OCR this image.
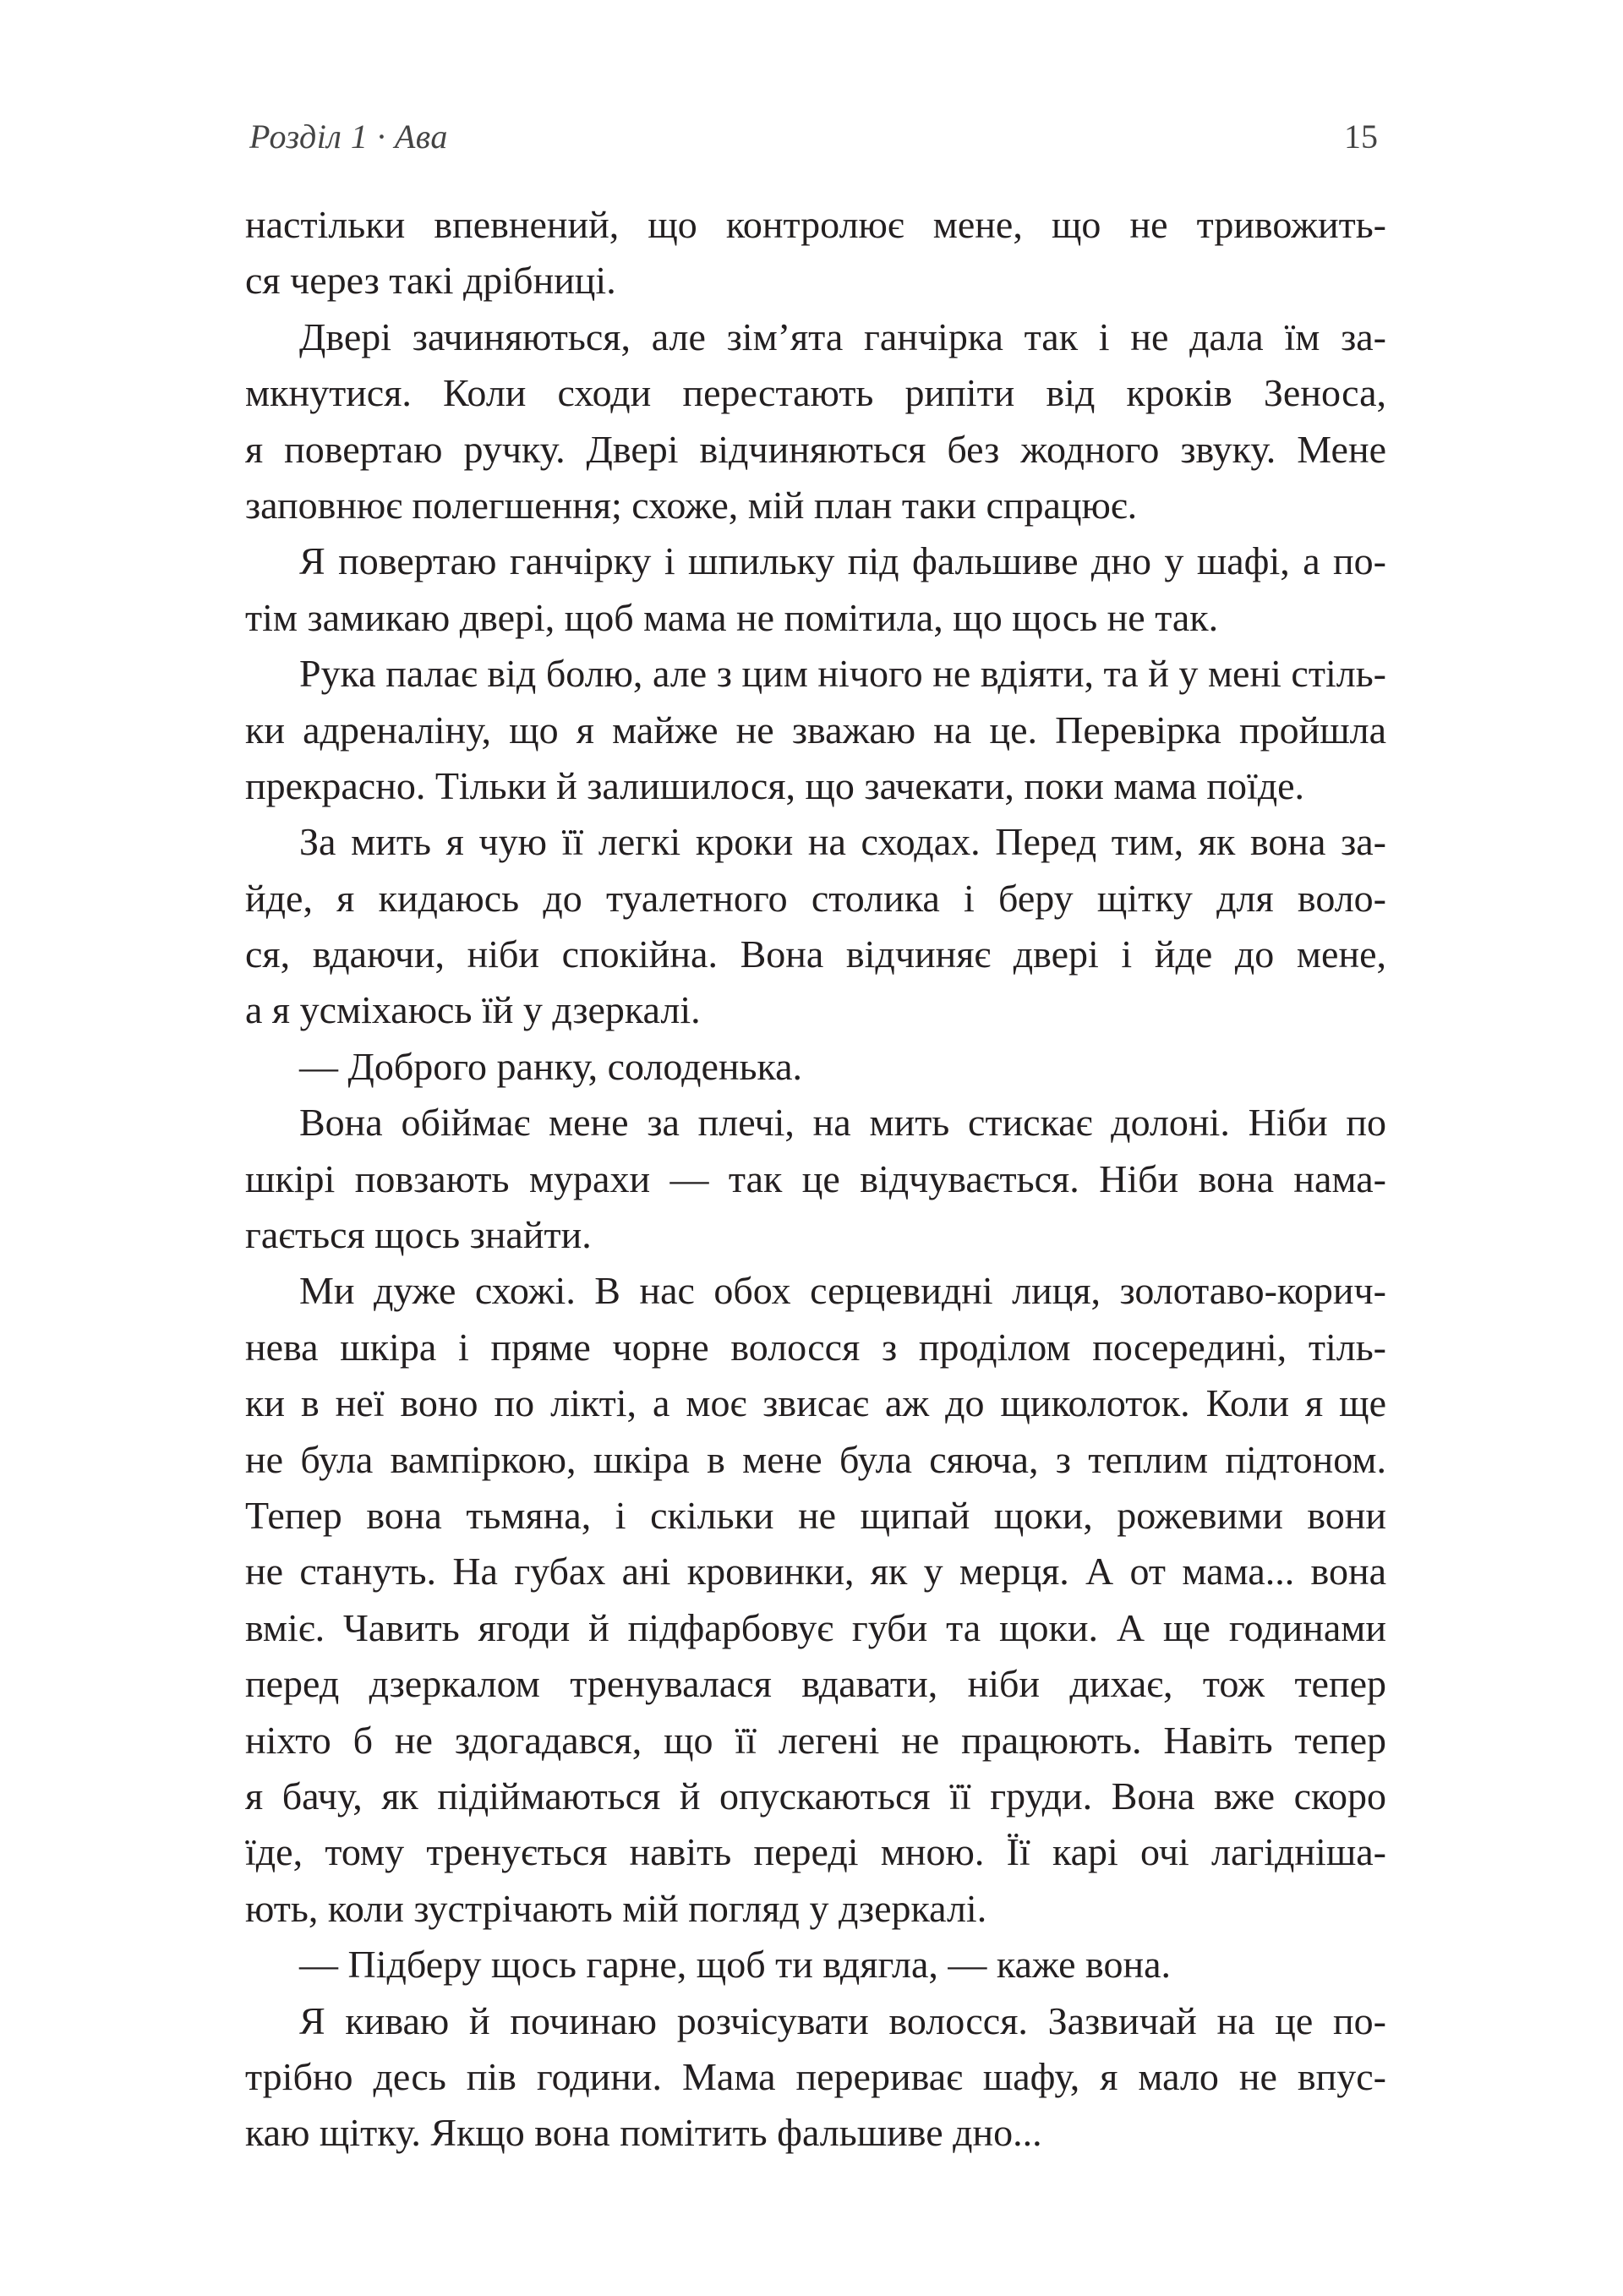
Розділ 1 · Ава	15
настільки впевнений, що контролює мене, що не тривожить-
ся через такі дрібниці.
Двері зачиняються, але зім’ята ганчірка так і не дала їм за-
мкнутися. Коли сходи перестають рипіти від кроків Зеноса,
я повертаю ручку. Двері відчиняються без жодного звуку. Мене
заповнює полегшення; схоже, мій план таки спрацює.
Я повертаю ганчірку і шпильку під фальшиве дно у шафі, а по-
тім замикаю двері, щоб мама не помітила, що щось не так.
Рука палає від болю, але з цим нічого не вдіяти, та й у мені стіль-
ки адреналіну, що я майже не зважаю на це. Перевірка пройшла
прекрасно. Тільки й залишилося, що зачекати, поки мама поїде.
За мить я чую її легкі кроки на сходах. Перед тим, як вона за-
йде, я кидаюсь до туалетного столика і беру щітку для воло-
ся, вдаючи, ніби спокійна. Вона відчиняє двері і йде до мене,
а я усміхаюсь їй у дзеркалі.
— Доброго ранку, солоденька.
Вона обіймає мене за плечі, на мить стискає долоні. Ніби по
шкірі повзають мурахи — так це відчувається. Ніби вона нама-
гається щось знайти.
Ми дуже схожі. В нас обох серцевидні лиця, золотаво-корич-
нева шкіра і пряме чорне волосся з проділом посередині, тіль-
ки в неї воно по лікті, а моє звисає аж до щиколоток. Коли я ще
не була вампіркою, шкіра в мене була сяюча, з теплим підтоном.
Тепер вона тьмяна, і скільки не щипай щоки, рожевими вони
не стануть. На губах ані кровинки, як у мерця. А от мама... вона
вміє. Чавить ягоди й підфарбовує губи та щоки. А ще годинами
перед дзеркалом тренувалася вдавати, ніби дихає, тож тепер
ніхто б не здогадався, що її легені не працюють. Навіть тепер
я бачу, як підіймаються й опускаються її груди. Вона вже скоро
їде, тому тренується навіть переді мною. Її карі очі лагіднішa-
ють, коли зустрічають мій погляд у дзеркалі.
— Підберу щось гарне, щоб ти вдягла, — каже вона.
Я киваю й починаю розчісувати волосся. Зазвичай на це по-
трібно десь пів години. Мама перериває шафу, я мало не впус-
каю щітку. Якщо вона помітить фальшиве дно...
